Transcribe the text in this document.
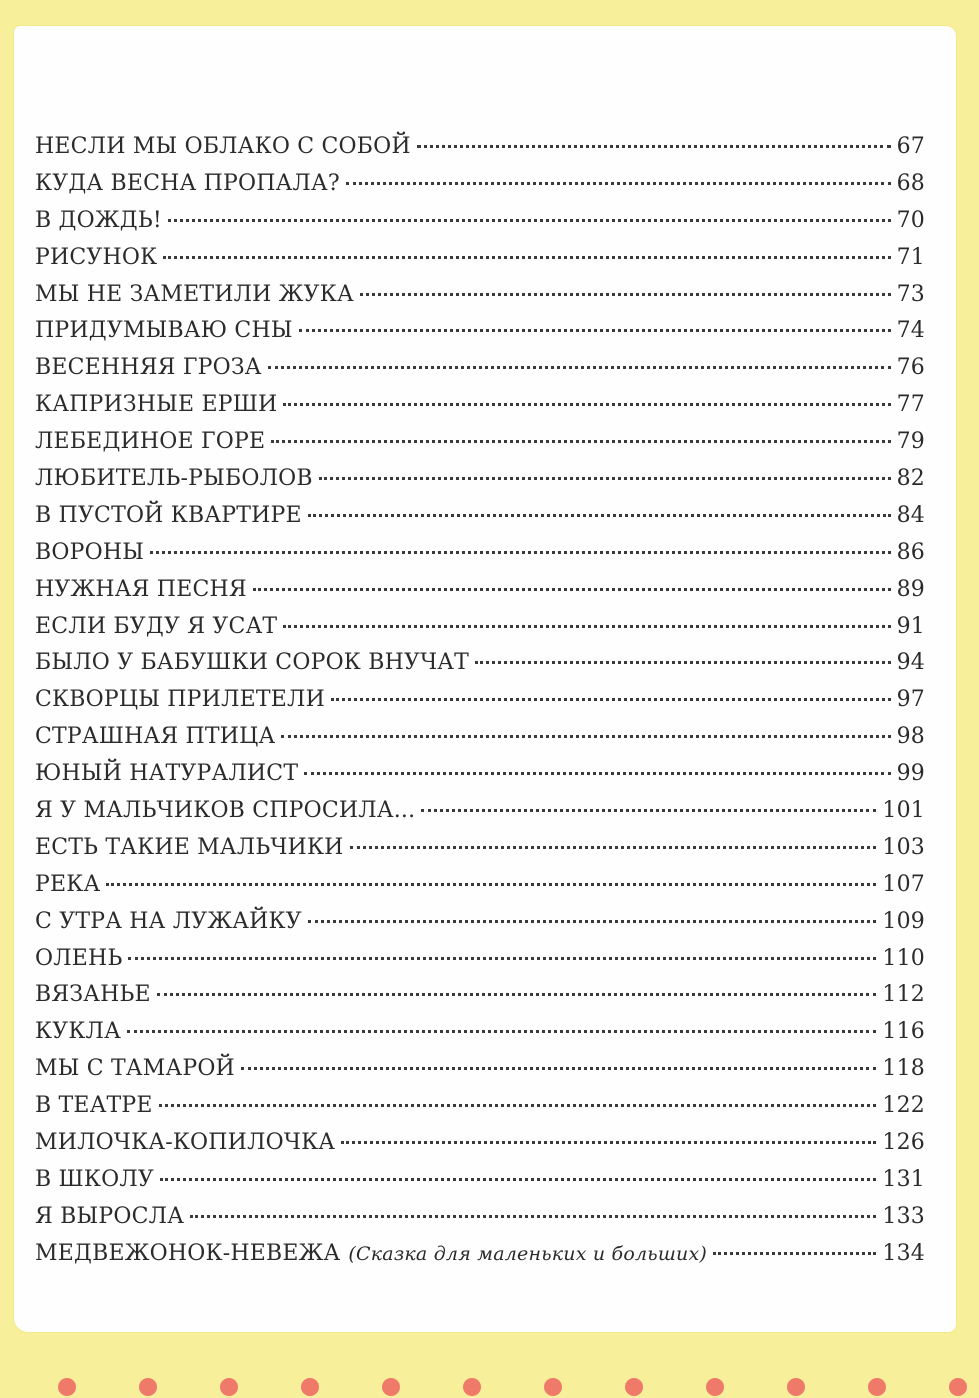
НЕСЛИ МЫ ОБЛАКО С СОБОЙ	67
КУДА ВЕСНА ПРОПАЛА?	68
В ДОЖДЬ!	70
РИСУНОК	71
МЫ НЕ ЗАМЕТИЛИ ЖУКА	73
ПРИДУМЫВАЮ СНЫ	74
ВЕСЕННЯЯ ГРОЗА	76
КАПРИЗНЫЕ ЕРШИ	77
ЛЕБЕДИНОЕ ГОРЕ	79
ЛЮБИТЕЛЬ-РЫБОЛОВ	82
В ПУСТОЙ КВАРТИРЕ	84
ВОРОНЫ	86
НУЖНАЯ ПЕСНЯ	89
ЕСЛИ БУДУ Я УСАТ	91
БЫЛО У БАБУШКИ СОРОК ВНУЧАТ	94
СКВОРЦЫ ПРИЛЕТЕЛИ	97
СТРАШНАЯ ПТИЦА	98
ЮНЫЙ НАТУРАЛИСТ	99
Я У МАЛЬЧИКОВ СПРОСИЛА...	101
ЕСТЬ ТАКИЕ МАЛЬЧИКИ	103
РЕКА	107
С УТРА НА ЛУЖАЙКУ	109
ОЛЕНЬ	110
ВЯЗАНЬЕ	112
КУКЛА	116
МЫ С ТАМАРОЙ	118
В ТЕАТРЕ	122
МИЛОЧКА-КОПИЛОЧКА	126
В ШКОЛУ	131
Я ВЫРОСЛА	133
МЕДВЕЖОНОК-НЕВЕЖА (Сказка для маленьких и больших)	134
